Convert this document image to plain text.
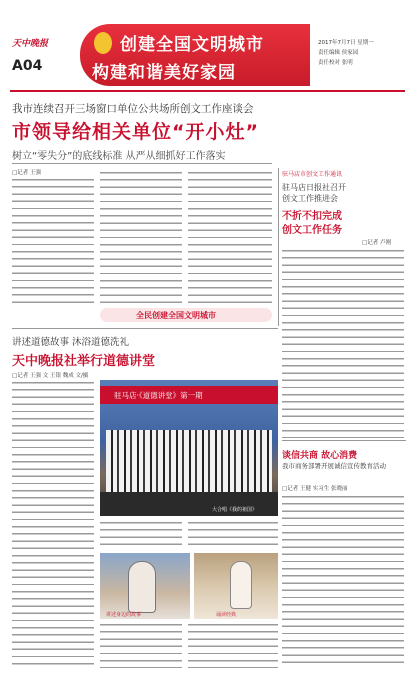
天中晚报
A04
创建全国文明城市
构建和谐美好家园
2017年7月7日 星期一
责任编辑 侯家园
责任校对 张明
我市连续召开三场窗口单位公共场所创文工作座谈会
市领导给相关单位“开小灶”
树立“零失分”的底线标准 从严从细抓好工作落实
□记者 王强
全民创建全国文明城市
驻马店市创文工作通讯
驻马店日报社召开
创文工作推进会
不折不扣完成
创文工作任务
□记者 卢刚
讲述道德故事 沐浴道德洗礼
天中晚报社举行道德讲堂
□记者 王强 文 王银 魏成 文/摄
驻马店·《道德讲堂》第一期
大合唱《我的祖国》
讲述身边的故事	诵读经典
谈信共商 故心消费
我市商务部署开展诚信宣传教育活动
□记者 王健 实习生 张晓丽
